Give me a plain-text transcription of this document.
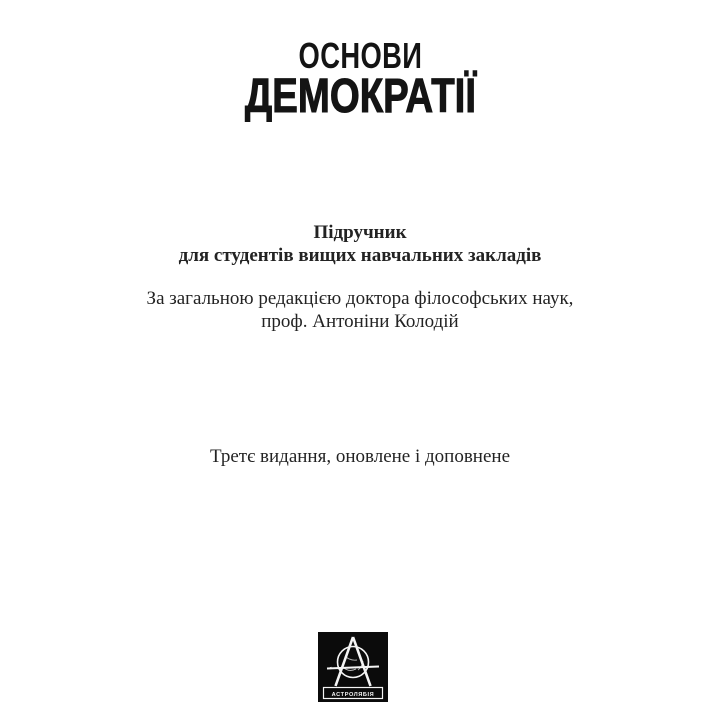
ОСНОВИ
ДЕМОКРАТІЇ
Підручник
для студентів вищих навчальних закладів
За загальною редакцією доктора філософських наук,
проф. Антоніни Колодій
Третє видання, оновлене і доповнене
АСТРОЛЯБІЯ
